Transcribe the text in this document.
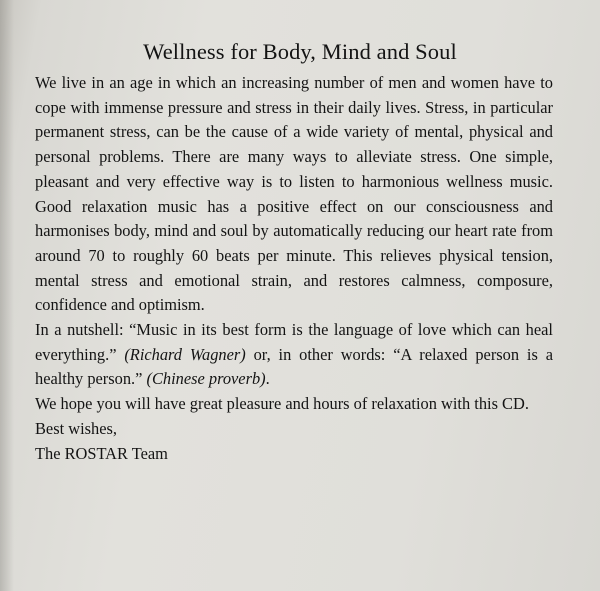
Wellness for Body, Mind and Soul

We live in an age in which an increasing number of men and women have to cope with immense pressure and stress in their daily lives. Stress, in particular permanent stress, can be the cause of a wide variety of mental, physical and personal problems. There are many ways to alleviate stress. One simple, pleasant and very effective way is to listen to harmonious wellness music. Good relaxation music has a positive effect on our consciousness and harmonises body, mind and soul by automatically reducing our heart rate from around 70 to roughly 60 beats per minute. This relieves physical tension, mental stress and emotional strain, and restores calmness, composure, confidence and optimism.

In a nutshell: “Music in its best form is the language of love which can heal everything.” (Richard Wagner) or, in other words: “A relaxed person is a healthy person.” (Chinese proverb).

We hope you will have great pleasure and hours of relaxation with this CD.

Best wishes,

The ROSTAR Team
